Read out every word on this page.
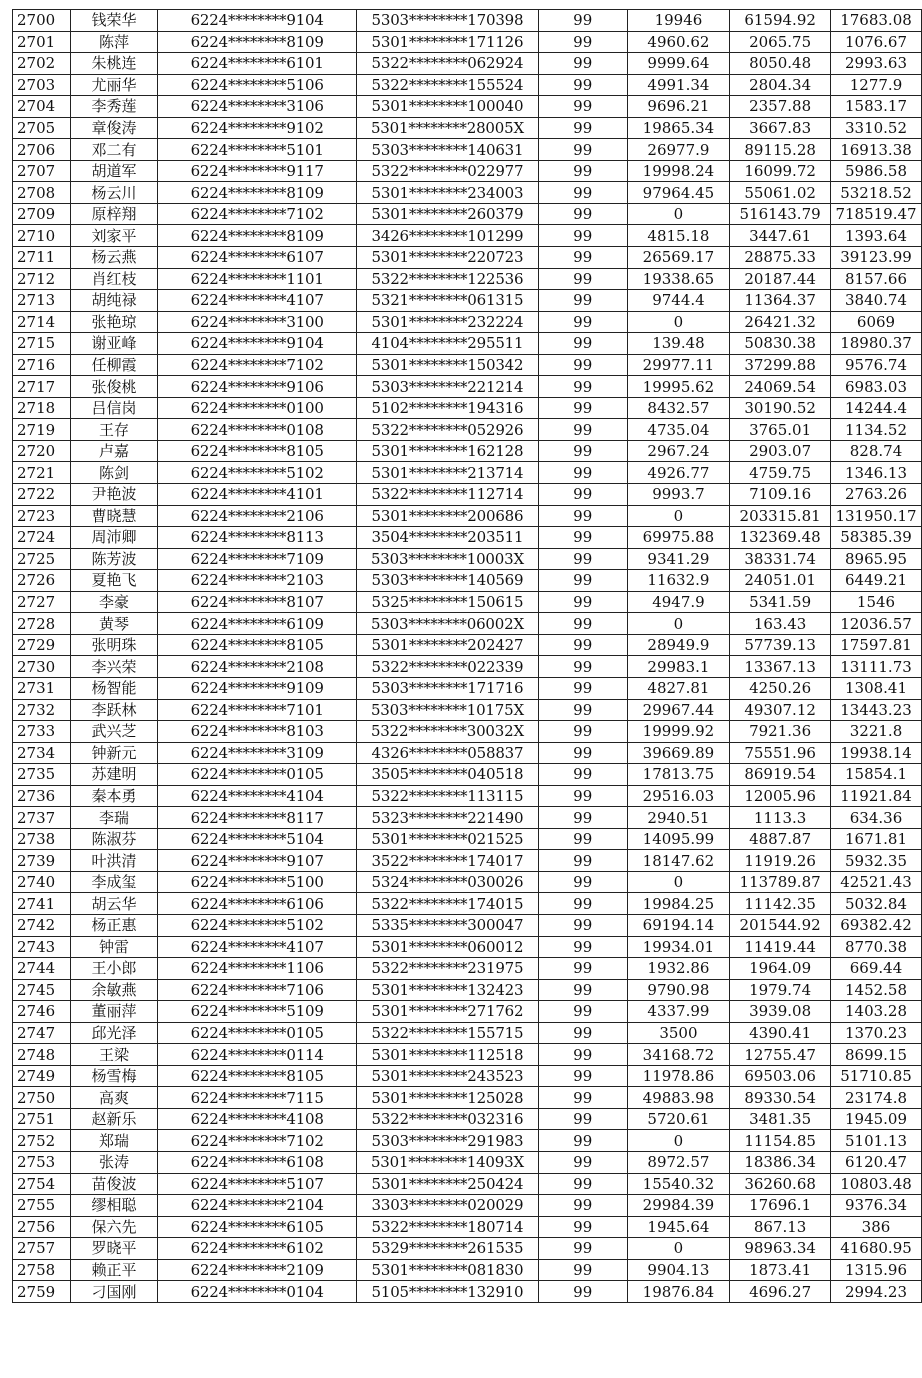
2700	钱荣华	6224********9104	5303********170398	99	19946	61594.92	17683.08
2701	陈萍	6224********8109	5301********171126	99	4960.62	2065.75	1076.67
2702	朱桃连	6224********6101	5322********062924	99	9999.64	8050.48	2993.63
2703	尤丽华	6224********5106	5322********155524	99	4991.34	2804.34	1277.9
2704	李秀莲	6224********3106	5301********100040	99	9696.21	2357.88	1583.17
2705	章俊涛	6224********9102	5301********28005X	99	19865.34	3667.83	3310.52
2706	邓二有	6224********5101	5303********140631	99	26977.9	89115.28	16913.38
2707	胡道军	6224********9117	5322********022977	99	19998.24	16099.72	5986.58
2708	杨云川	6224********8109	5301********234003	99	97964.45	55061.02	53218.52
2709	原梓翔	6224********7102	5301********260379	99	0	516143.79	718519.47
2710	刘家平	6224********8109	3426********101299	99	4815.18	3447.61	1393.64
2711	杨云燕	6224********6107	5301********220723	99	26569.17	28875.33	39123.99
2712	肖红枝	6224********1101	5322********122536	99	19338.65	20187.44	8157.66
2713	胡纯禄	6224********4107	5321********061315	99	9744.4	11364.37	3840.74
2714	张艳琼	6224********3100	5301********232224	99	0	26421.32	6069
2715	谢亚峰	6224********9104	4104********295511	99	139.48	50830.38	18980.37
2716	任柳霞	6224********7102	5301********150342	99	29977.11	37299.88	9576.74
2717	张俊桃	6224********9106	5303********221214	99	19995.62	24069.54	6983.03
2718	吕信岗	6224********0100	5102********194316	99	8432.57	30190.52	14244.4
2719	王存	6224********0108	5322********052926	99	4735.04	3765.01	1134.52
2720	卢嘉	6224********8105	5301********162128	99	2967.24	2903.07	828.74
2721	陈剑	6224********5102	5301********213714	99	4926.77	4759.75	1346.13
2722	尹艳波	6224********4101	5322********112714	99	9993.7	7109.16	2763.26
2723	曹晓慧	6224********2106	5301********200686	99	0	203315.81	131950.17
2724	周沛卿	6224********8113	3504********203511	99	69975.88	132369.48	58385.39
2725	陈芳波	6224********7109	5303********10003X	99	9341.29	38331.74	8965.95
2726	夏艳飞	6224********2103	5303********140569	99	11632.9	24051.01	6449.21
2727	李豪	6224********8107	5325********150615	99	4947.9	5341.59	1546
2728	黄琴	6224********6109	5303********06002X	99	0	163.43	12036.57
2729	张明珠	6224********8105	5301********202427	99	28949.9	57739.13	17597.81
2730	李兴荣	6224********2108	5322********022339	99	29983.1	13367.13	13111.73
2731	杨智能	6224********9109	5303********171716	99	4827.81	4250.26	1308.41
2732	李跃林	6224********7101	5303********10175X	99	29967.44	49307.12	13443.23
2733	武兴芝	6224********8103	5322********30032X	99	19999.92	7921.36	3221.8
2734	钟新元	6224********3109	4326********058837	99	39669.89	75551.96	19938.14
2735	苏建明	6224********0105	3505********040518	99	17813.75	86919.54	15854.1
2736	秦本勇	6224********4104	5322********113115	99	29516.03	12005.96	11921.84
2737	李瑞	6224********8117	5323********221490	99	2940.51	1113.3	634.36
2738	陈淑芬	6224********5104	5301********021525	99	14095.99	4887.87	1671.81
2739	叶洪清	6224********9107	3522********174017	99	18147.62	11919.26	5932.35
2740	李成玺	6224********5100	5324********030026	99	0	113789.87	42521.43
2741	胡云华	6224********6106	5322********174015	99	19984.25	11142.35	5032.84
2742	杨正惠	6224********5102	5335********300047	99	69194.14	201544.92	69382.42
2743	钟雷	6224********4107	5301********060012	99	19934.01	11419.44	8770.38
2744	王小郎	6224********1106	5322********231975	99	1932.86	1964.09	669.44
2745	余敏燕	6224********7106	5301********132423	99	9790.98	1979.74	1452.58
2746	董丽萍	6224********5109	5301********271762	99	4337.99	3939.08	1403.28
2747	邱光泽	6224********0105	5322********155715	99	3500	4390.41	1370.23
2748	王梁	6224********0114	5301********112518	99	34168.72	12755.47	8699.15
2749	杨雪梅	6224********8105	5301********243523	99	11978.86	69503.06	51710.85
2750	高爽	6224********7115	5301********125028	99	49883.98	89330.54	23174.8
2751	赵新乐	6224********4108	5322********032316	99	5720.61	3481.35	1945.09
2752	郑瑞	6224********7102	5303********291983	99	0	11154.85	5101.13
2753	张涛	6224********6108	5301********14093X	99	8972.57	18386.34	6120.47
2754	苗俊波	6224********5107	5301********250424	99	15540.32	36260.68	10803.48
2755	缪相聪	6224********2104	3303********020029	99	29984.39	17696.1	9376.34
2756	保六先	6224********6105	5322********180714	99	1945.64	867.13	386
2757	罗晓平	6224********6102	5329********261535	99	0	98963.34	41680.95
2758	赖正平	6224********2109	5301********081830	99	9904.13	1873.41	1315.96
2759	刁国刚	6224********0104	5105********132910	99	19876.84	4696.27	2994.23
